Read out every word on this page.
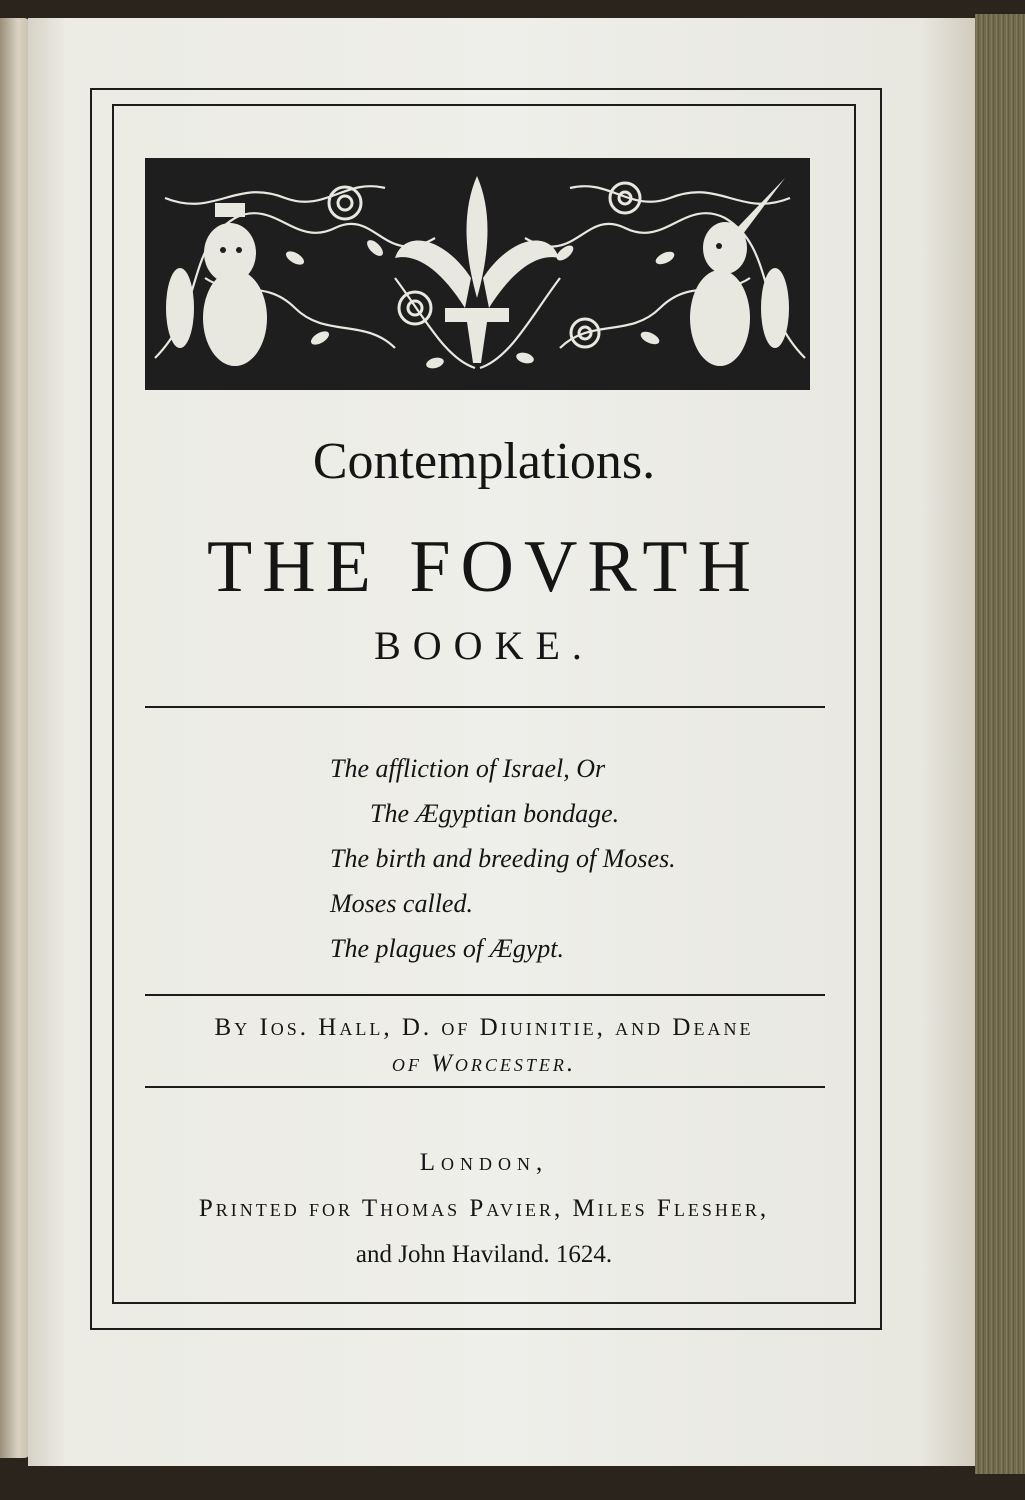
Contemplations.
THE FOVRTH
BOOKE.
The affliction of Israel, Or
The Ægyptian bondage.
The birth and breeding of Moses.
Moses called.
The plagues of Ægypt.
By Ios. Hall, D. of Diuinitie, and Deane
of Worcester.
London,
Printed for Thomas Pavier, Miles Flesher,
and John Haviland. 1624.
